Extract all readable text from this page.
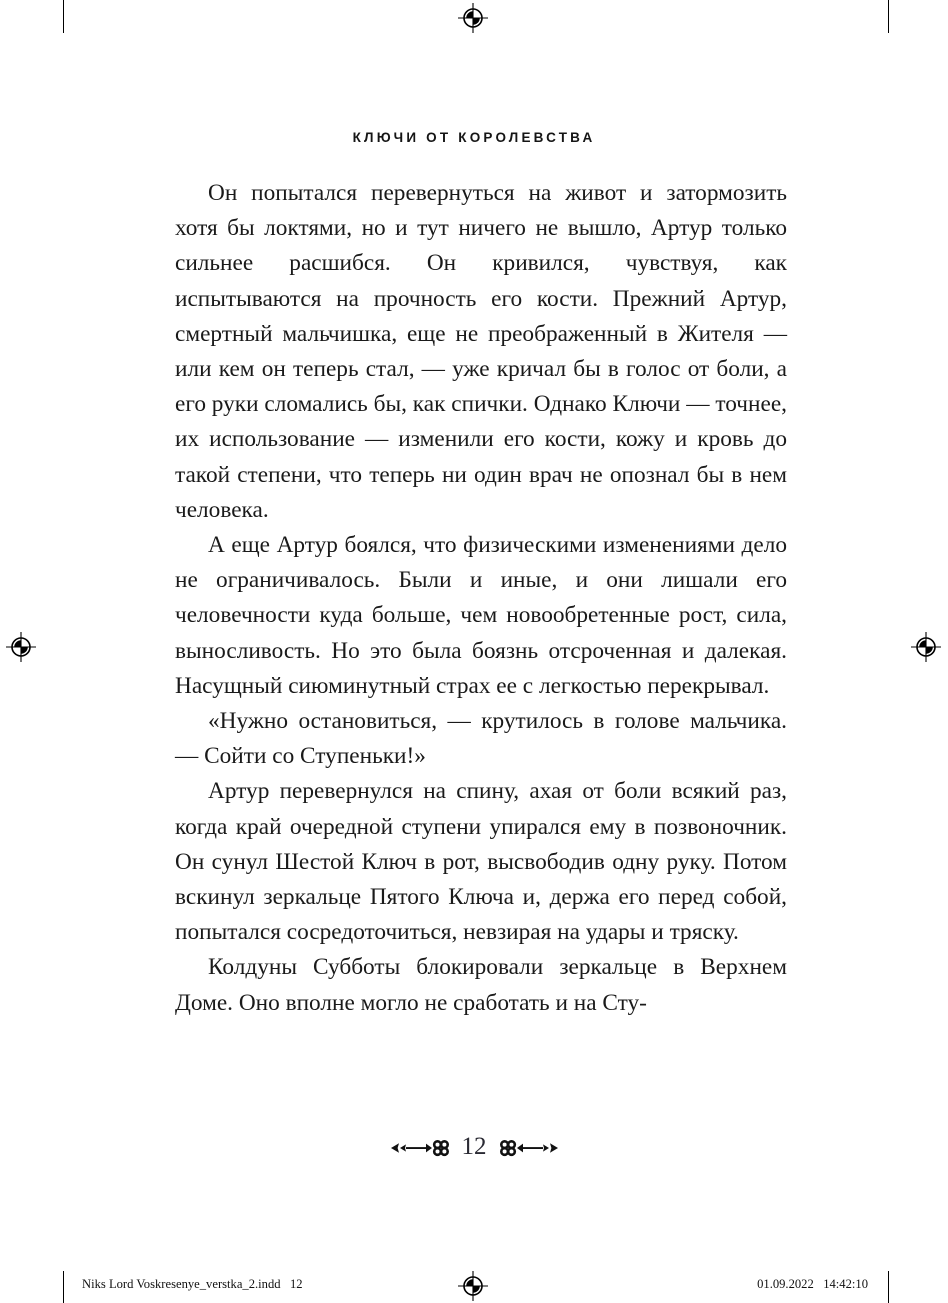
КЛЮЧИ ОТ КОРОЛЕВСТВА

Он попытался перевернуться на живот и затормозить хотя бы локтями, но и тут ничего не вышло, Артур только сильнее расшибся. Он кривился, чувствуя, как испытываются на прочность его кости. Прежний Артур, смертный мальчишка, еще не преображенный в Жителя — или кем он теперь стал, — уже кричал бы в голос от боли, а его руки сломались бы, как спички. Однако Ключи — точнее, их использование — изменили его кости, кожу и кровь до такой степени, что теперь ни один врач не опознал бы в нем человека.

А еще Артур боялся, что физическими изменениями дело не ограничивалось. Были и иные, и они лишали его человечности куда больше, чем новообретенные рост, сила, выносливость. Но это была боязнь отсроченная и далекая. Насущный сиюминутный страх ее с легкостью перекрывал.

«Нужно остановиться, — крутилось в голове мальчика. — Сойти со Ступеньки!»

Артур перевернулся на спину, ахая от боли всякий раз, когда край очередной ступени упирался ему в позвоночник. Он сунул Шестой Ключ в рот, высвободив одну руку. Потом вскинул зеркальце Пятого Ключа и, держа его перед собой, попытался сосредоточиться, невзирая на удары и тряску.

Колдуны Субботы блокировали зеркальце в Верхнем Доме. Оно вполне могло не сработать и на Сту-

12
Niks Lord Voskresenye_verstka_2.indd   12	01.09.2022   14:42:10
